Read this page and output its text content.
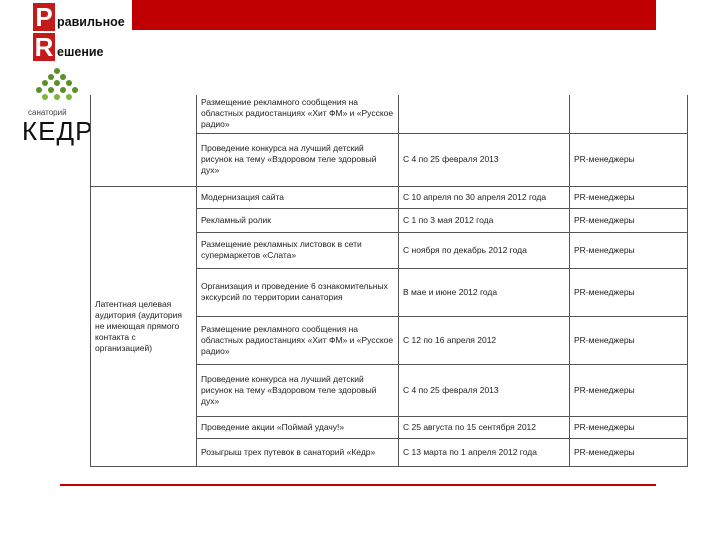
P равильное
R ешение
санаторий
КЕДР
	Размещение рекламного сообщения на областных радиостанциях «Хит ФМ» и «Русское радио»		
	Проведение конкурса на лучший детский рисунок на тему «Вздоровом теле здоровый дух»	С 4 по 25 февраля 2013	PR-менеджеры
Латентная целевая аудитория (аудитория не имеющая прямого контакта с организацией)	Модернизация сайта	С 10 апреля по 30 апреля 2012 года	PR-менеджеры
	Рекламный ролик	С 1 по 3 мая 2012 года	PR-менеджеры
	Размещение рекламных листовок в сети супермаркетов «Слата»	С ноября по декабрь 2012 года	PR-менеджеры
	Организация и проведение 6 ознакомительных экскурсий по территории санатория	В мае и июне 2012 года	PR-менеджеры
	Размещение рекламного сообщения на областных радиостанциях «Хит ФМ» и «Русское радио»	С 12 по 16 апреля 2012	PR-менеджеры
	Проведение конкурса на лучший детский рисунок на тему «Вздоровом теле здоровый дух»	С 4 по 25 февраля 2013	PR-менеджеры
	Проведение акции «Поймай удачу!»	С 25 августа по 15 сентября 2012	PR-менеджеры
	Розыгрыш трех путевок в санаторий «Кедр»	С 13 марта по 1 апреля 2012 года	PR-менеджеры
